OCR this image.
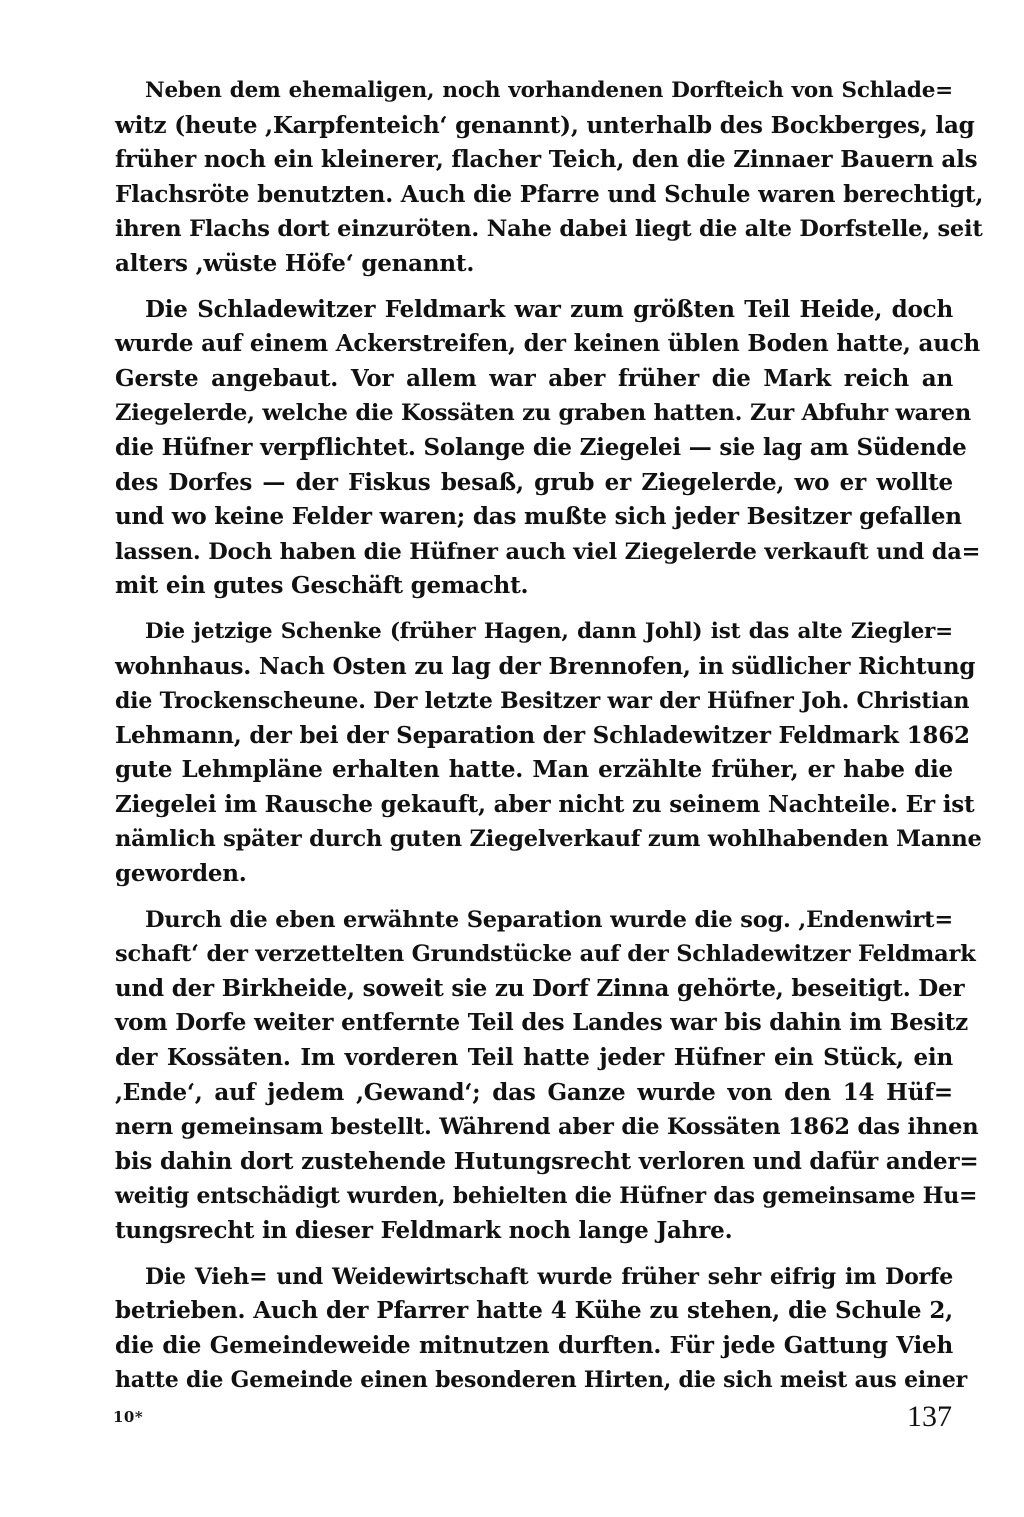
Neben dem ehemaligen, noch vorhandenen Dorfteich von Schlade=
witz (heute ,Karpfenteich‘ genannt), unterhalb des Bockberges, lag
früher noch ein kleinerer, flacher Teich, den die Zinnaer Bauern als
Flachsröte benutzten. Auch die Pfarre und Schule waren berechtigt,
ihren Flachs dort einzuröten. Nahe dabei liegt die alte Dorfstelle, seit
alters ,wüste Höfe‘ genannt.
Die Schladewitzer Feldmark war zum größten Teil Heide, doch
wurde auf einem Ackerstreifen, der keinen üblen Boden hatte, auch
Gerste angebaut. Vor allem war aber früher die Mark reich an
Ziegelerde, welche die Kossäten zu graben hatten. Zur Abfuhr waren
die Hüfner verpflichtet. Solange die Ziegelei — sie lag am Südende
des Dorfes — der Fiskus besaß, grub er Ziegelerde, wo er wollte
und wo keine Felder waren; das mußte sich jeder Besitzer gefallen
lassen. Doch haben die Hüfner auch viel Ziegelerde verkauft und da=
mit ein gutes Geschäft gemacht.
Die jetzige Schenke (früher Hagen, dann Johl) ist das alte Ziegler=
wohnhaus. Nach Osten zu lag der Brennofen, in südlicher Richtung
die Trockenscheune. Der letzte Besitzer war der Hüfner Joh. Christian
Lehmann, der bei der Separation der Schladewitzer Feldmark 1862
gute Lehmpläne erhalten hatte. Man erzählte früher, er habe die
Ziegelei im Rausche gekauft, aber nicht zu seinem Nachteile. Er ist
nämlich später durch guten Ziegelverkauf zum wohlhabenden Manne
geworden.
Durch die eben erwähnte Separation wurde die sog. ,Endenwirt=
schaft‘ der verzettelten Grundstücke auf der Schladewitzer Feldmark
und der Birkheide, soweit sie zu Dorf Zinna gehörte, beseitigt. Der
vom Dorfe weiter entfernte Teil des Landes war bis dahin im Besitz
der Kossäten. Im vorderen Teil hatte jeder Hüfner ein Stück, ein
,Ende‘, auf jedem ,Gewand‘; das Ganze wurde von den 14 Hüf=
nern gemeinsam bestellt. Während aber die Kossäten 1862 das ihnen
bis dahin dort zustehende Hutungsrecht verloren und dafür ander=
weitig entschädigt wurden, behielten die Hüfner das gemeinsame Hu=
tungsrecht in dieser Feldmark noch lange Jahre.
Die Vieh= und Weidewirtschaft wurde früher sehr eifrig im Dorfe
betrieben. Auch der Pfarrer hatte 4 Kühe zu stehen, die Schule 2,
die die Gemeindeweide mitnutzen durften. Für jede Gattung Vieh
hatte die Gemeinde einen besonderen Hirten, die sich meist aus einer
10*	137
